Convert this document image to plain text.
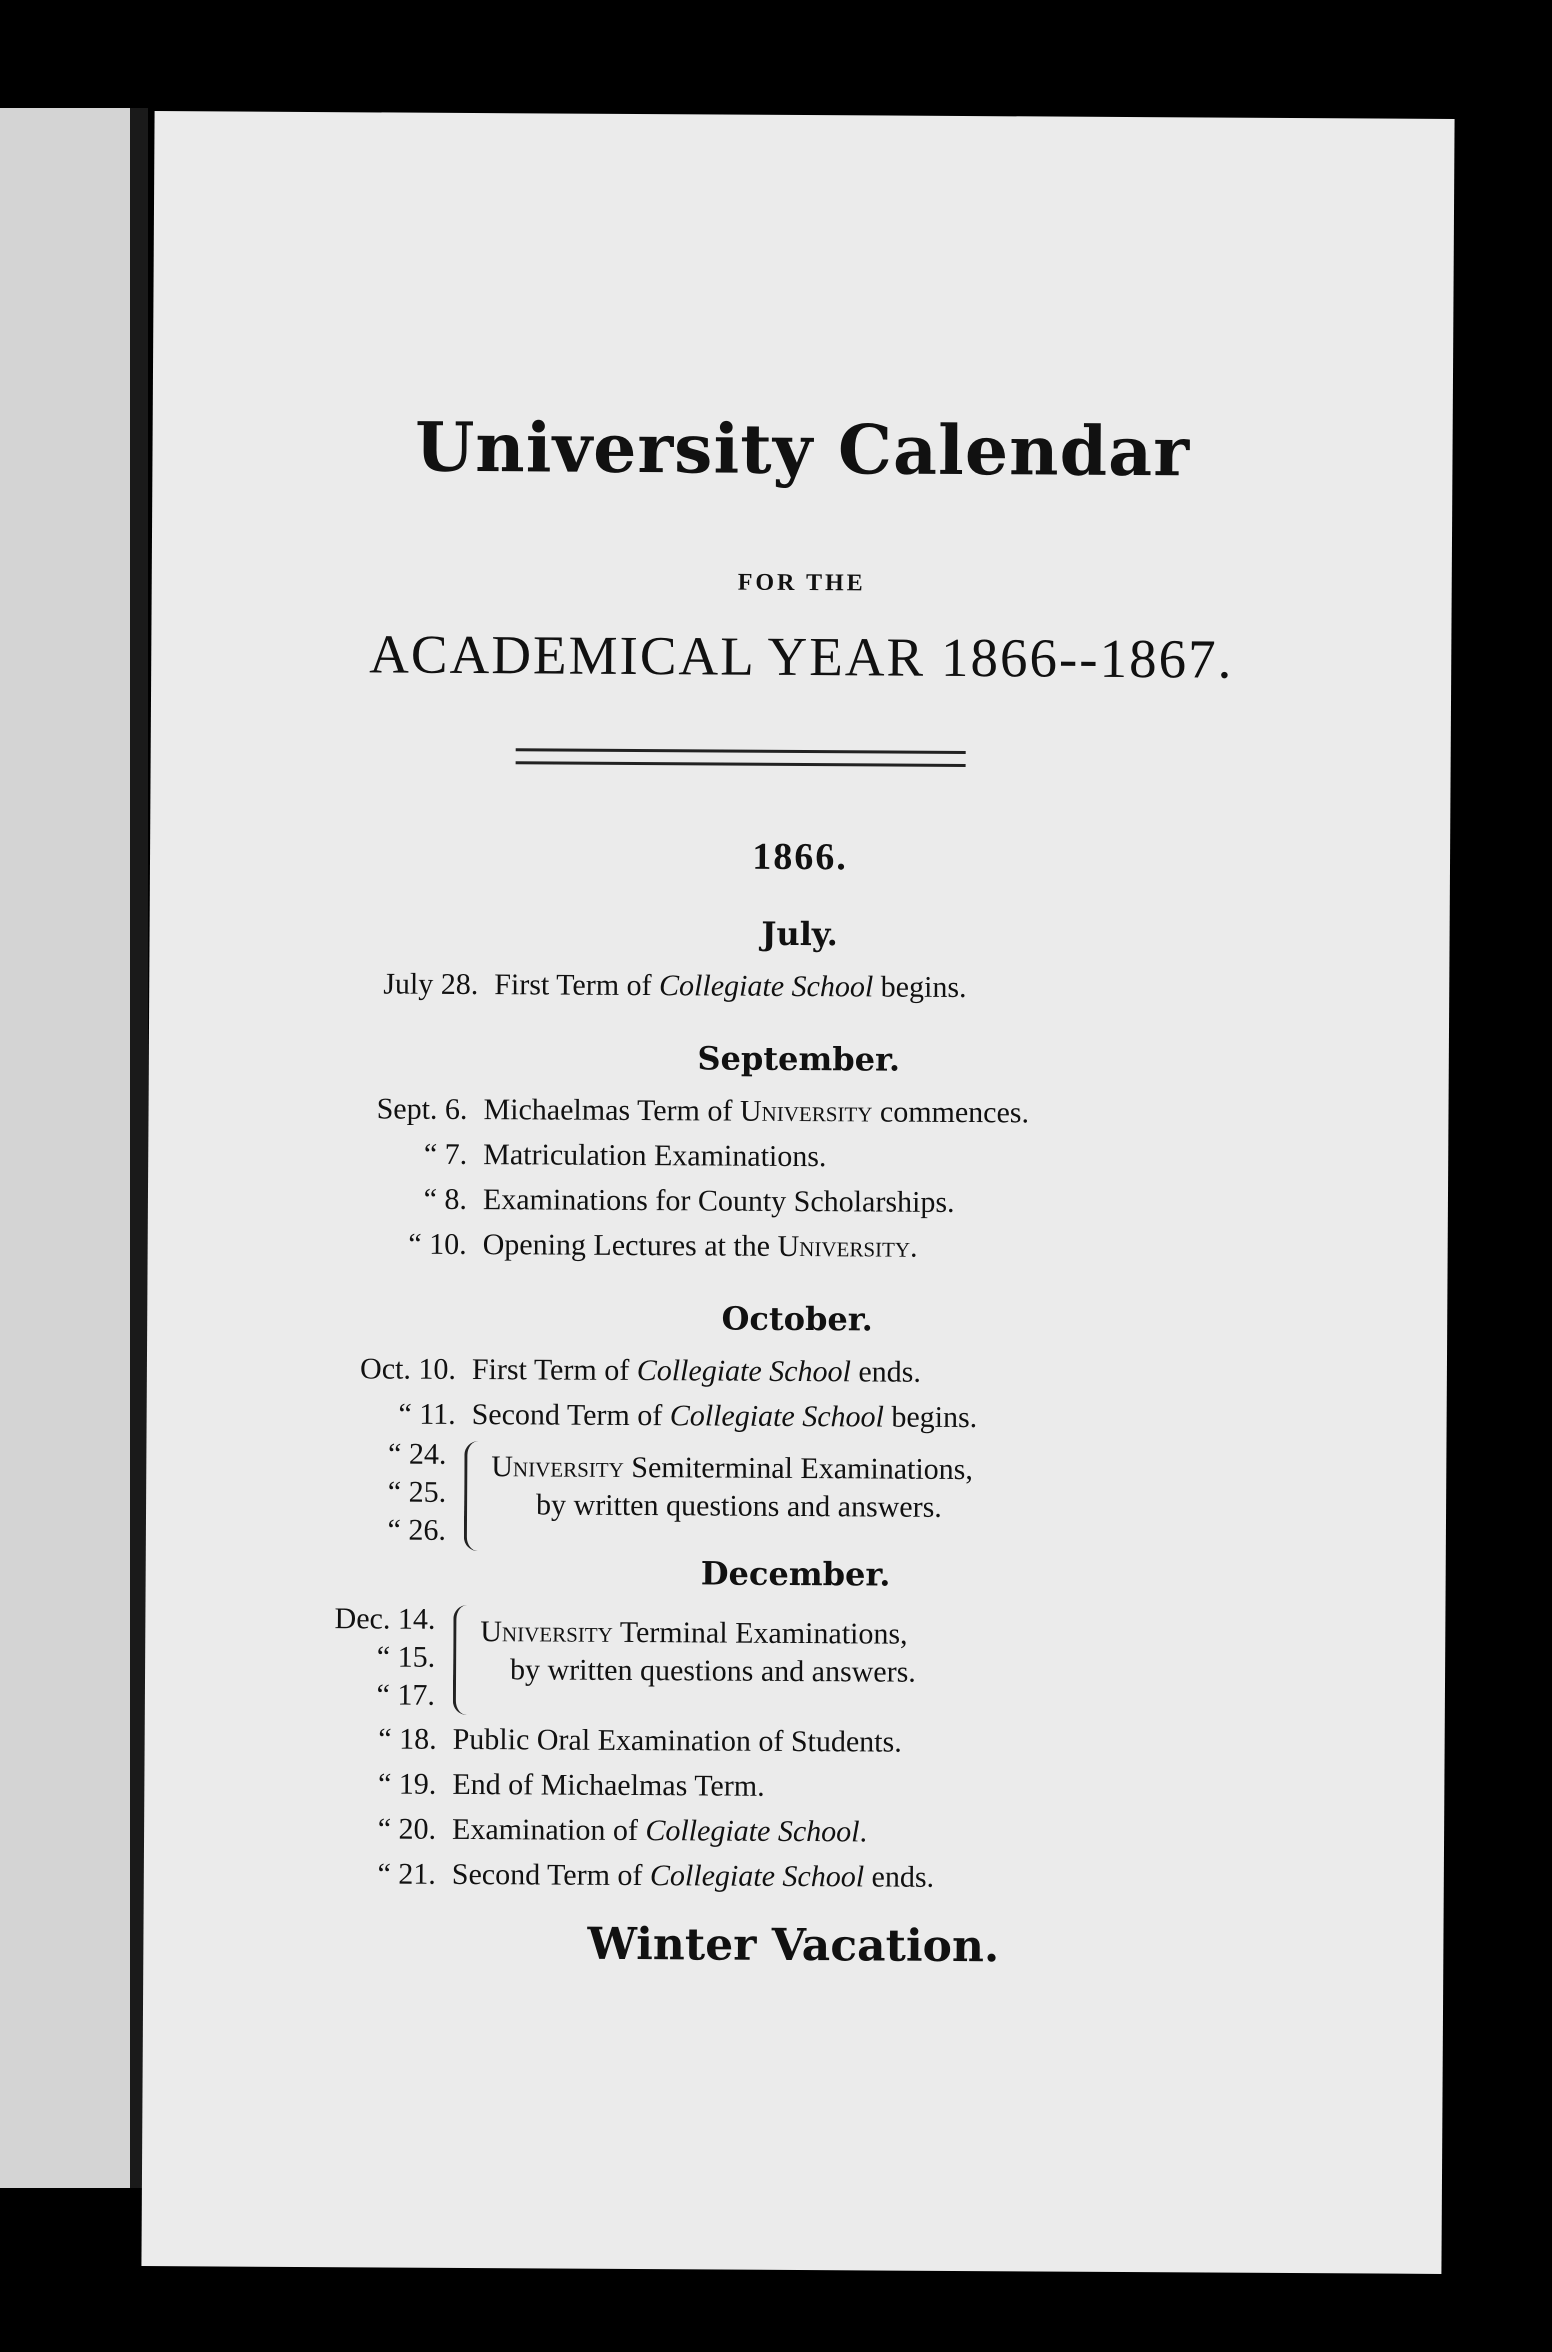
University Calendar
FOR THE
ACADEMICAL YEAR 1866--1867.
1866.
July.
July 28. First Term of Collegiate School begins.
September.
Sept. 6. Michaelmas Term of University commences.
“ 7. Matriculation Examinations.
“ 8. Examinations for County Scholarships.
“ 10. Opening Lectures at the University.
October.
Oct. 10. First Term of Collegiate School ends.
“ 11. Second Term of Collegiate School begins.
“ 24.
“ 25.
“ 26.
University Semiterminal Examinations,
by written questions and answers.
December.
Dec. 14.
“ 15.
“ 17.
University Terminal Examinations,
by written questions and answers.
“ 18. Public Oral Examination of Students.
“ 19. End of Michaelmas Term.
“ 20. Examination of Collegiate School.
“ 21. Second Term of Collegiate School ends.
Winter Vacation.
